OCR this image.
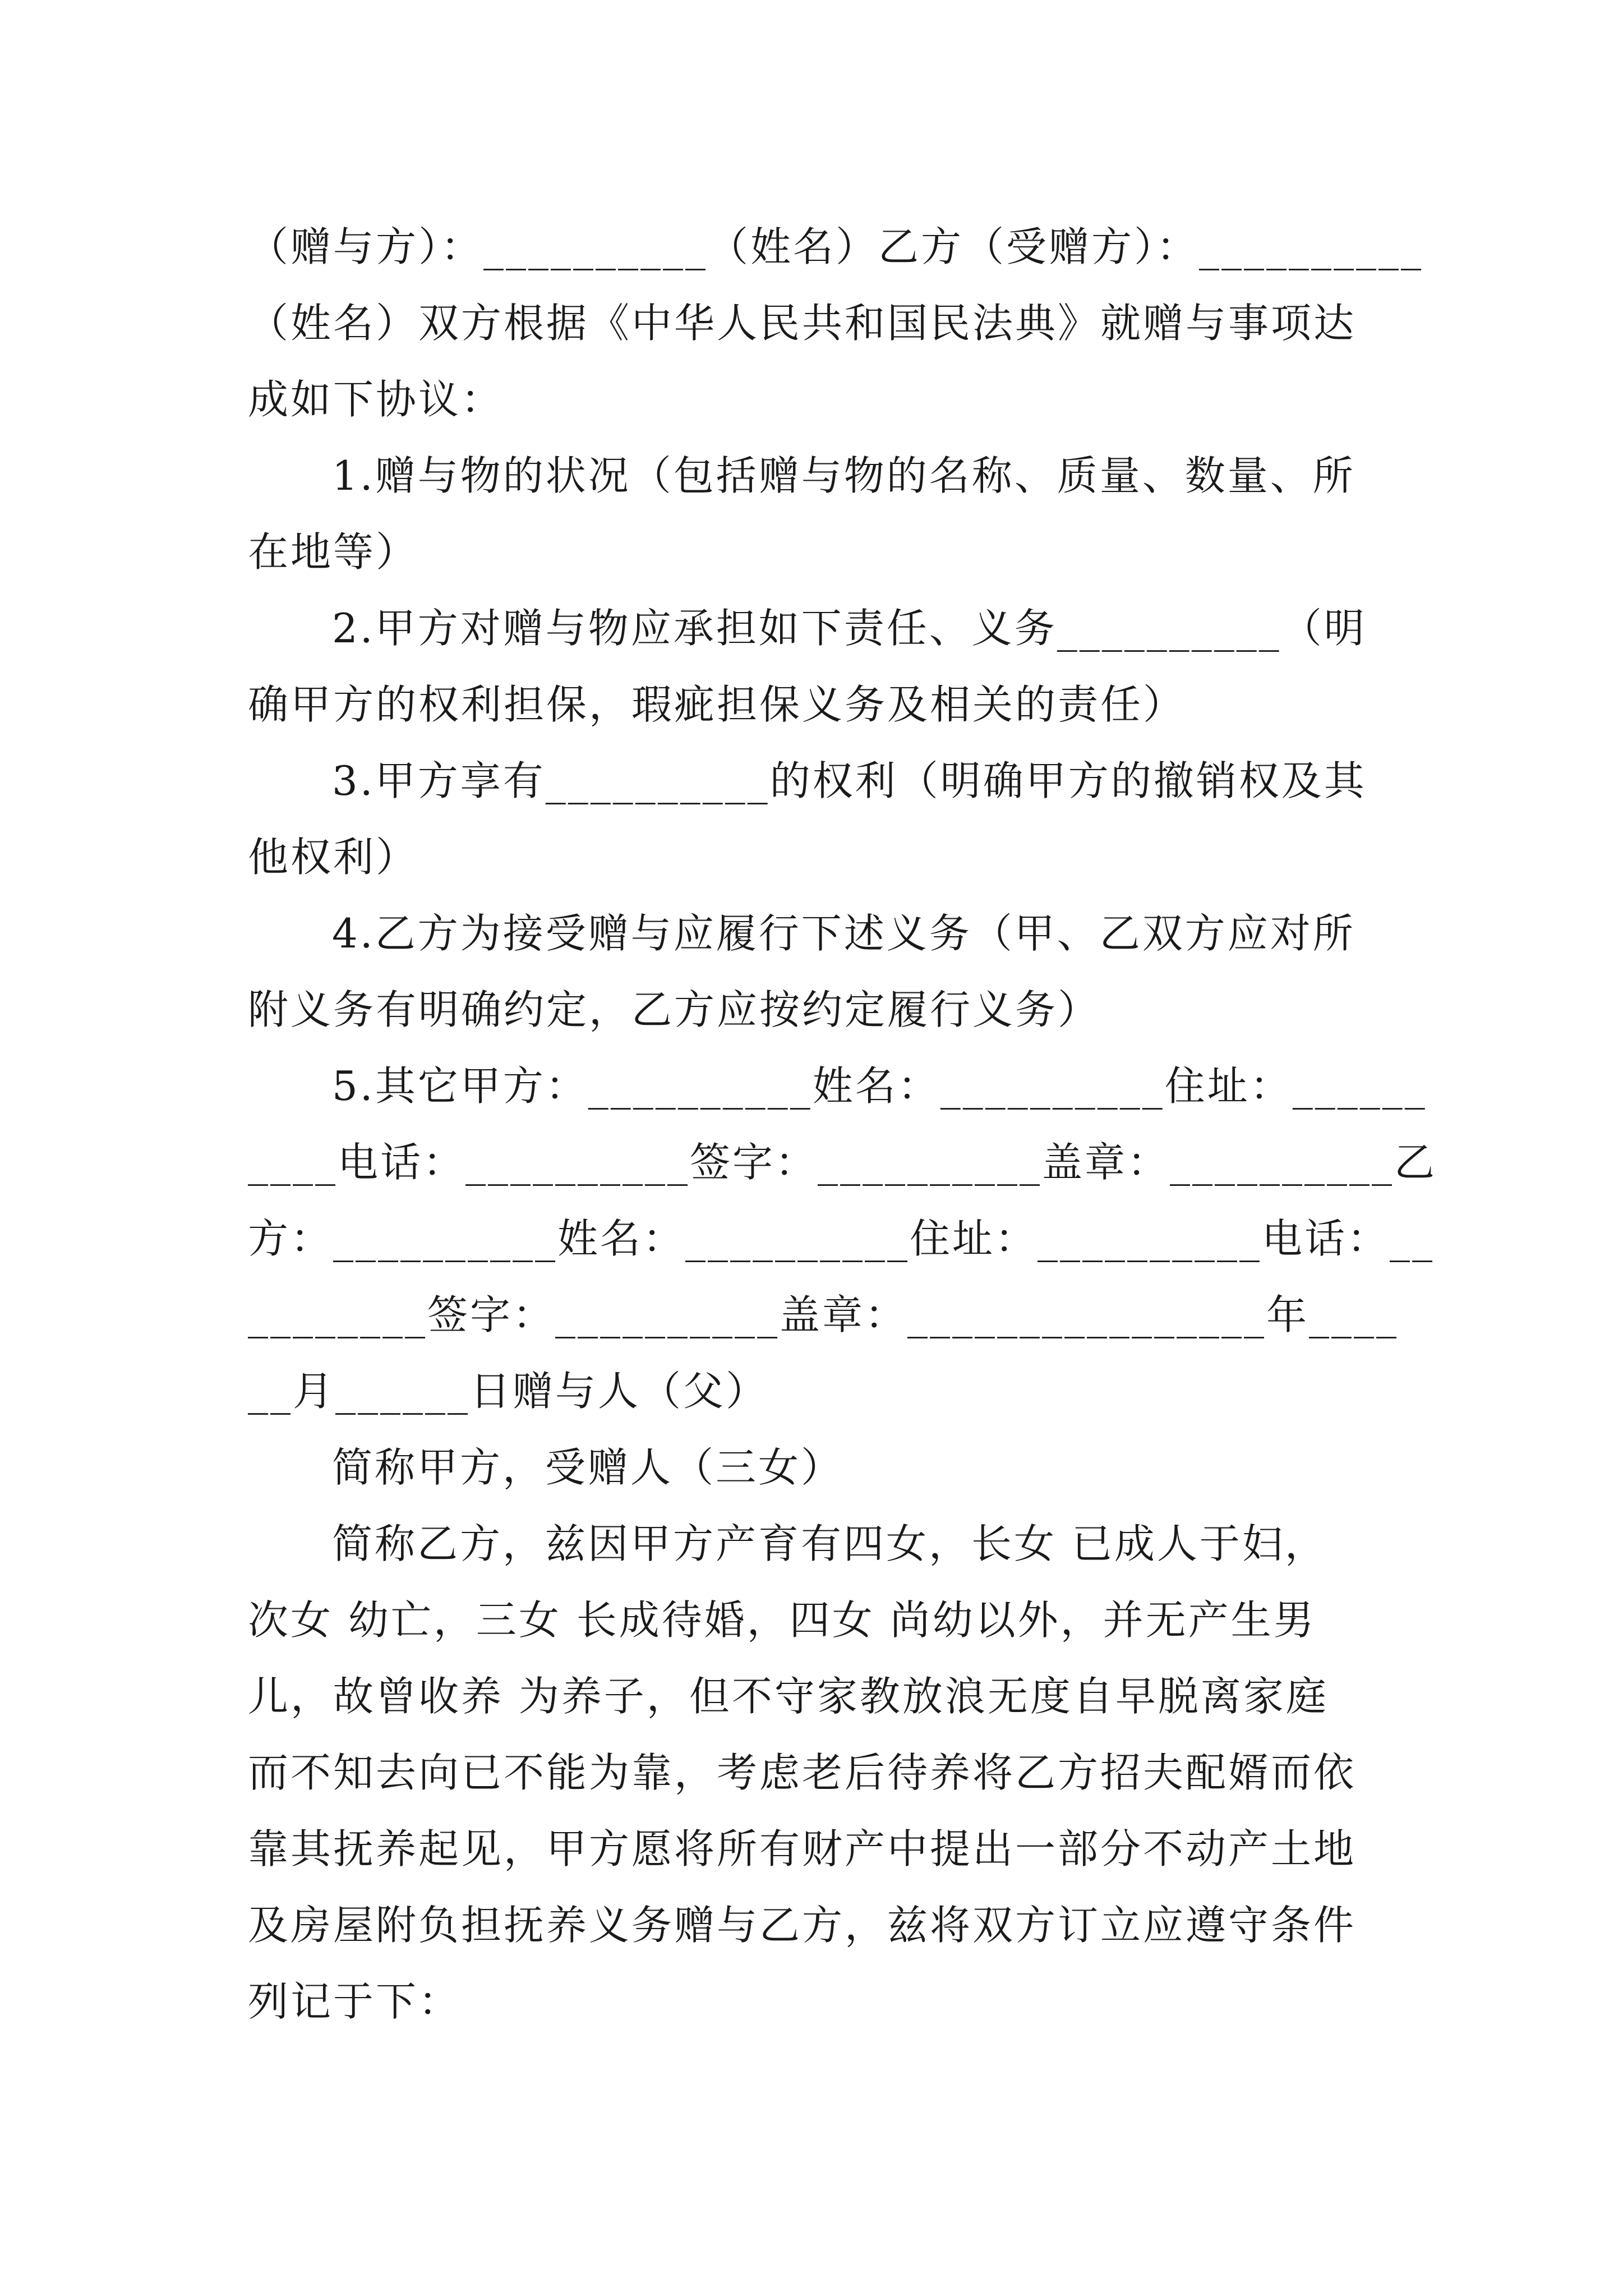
（赠与方）：__________（姓名）乙方（受赠方）：__________
（姓名）双方根据《中华人民共和国民法典》就赠与事项达
成如下协议：
1.赠与物的状况（包括赠与物的名称、质量、数量、所
在地等）
2.甲方对赠与物应承担如下责任、义务__________（明
确甲方的权利担保，瑕疵担保义务及相关的责任）
3.甲方享有__________的权利（明确甲方的撤销权及其
他权利）
4.乙方为接受赠与应履行下述义务（甲、乙双方应对所
附义务有明确约定，乙方应按约定履行义务）
5.其它甲方：__________姓名：__________住址：______
____电话：__________签字：__________盖章：__________乙
方：__________姓名：__________住址：__________电话：__
________签字：__________盖章：________________年____
__月______日赠与人（父）
简称甲方，受赠人（三女）
简称乙方，兹因甲方产育有四女，长女 已成人于妇，
次女 幼亡，三女 长成待婚，四女 尚幼以外，并无产生男
儿，故曾收养 为养子，但不守家教放浪无度自早脱离家庭
而不知去向已不能为靠，考虑老后待养将乙方招夫配婿而依
靠其抚养起见，甲方愿将所有财产中提出一部分不动产土地
及房屋附负担抚养义务赠与乙方，兹将双方订立应遵守条件
列记于下：
